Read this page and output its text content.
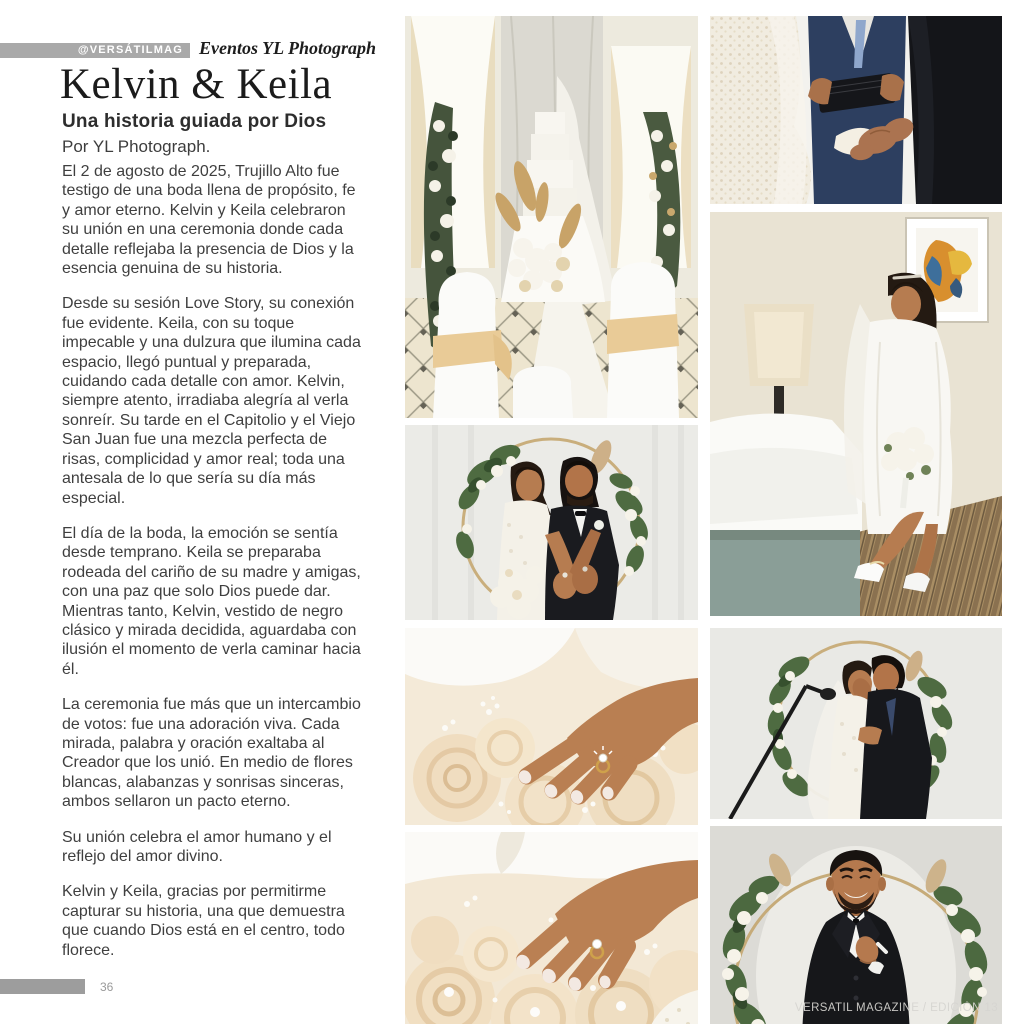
@VERSÁTILMAG Eventos YL Photograph
Kelvin & Keila
Una historia guiada por Dios
Por YL Photograph.

El 2 de agosto de 2025, Trujillo Alto fue testigo de una boda llena de propósito, fe y amor eterno. Kelvin y Keila celebraron su unión en una ceremonia donde cada detalle reflejaba la presencia de Dios y la esencia genuina de su historia.

Desde su sesión Love Story, su conexión fue evidente. Keila, con su toque impecable y una dulzura que ilumina cada espacio, llegó puntual y preparada, cuidando cada detalle con amor. Kelvin, siempre atento, irradiaba alegría al verla sonreír. Su tarde en el Capitolio y el Viejo San Juan fue una mezcla perfecta de risas, complicidad y amor real; toda una antesala de lo que sería su día más especial.

El día de la boda, la emoción se sentía desde temprano. Keila se preparaba rodeada del cariño de su madre y amigas, con una paz que solo Dios puede dar. Mientras tanto, Kelvin, vestido de negro clásico y mirada decidida, aguardaba con ilusión el momento de verla caminar hacia él.

La ceremonia fue más que un intercambio de votos: fue una adoración viva. Cada mirada, palabra y oración exaltaba al Creador que los unió. En medio de flores blancas, alabanzas y sonrisas sinceras, ambos sellaron un pacto eterno.

Su unión celebra el amor humano y el reflejo del amor divino.

Kelvin y Keila, gracias por permitirme capturar su historia, una que demuestra que cuando Dios está en el centro, todo florece.

VERSATIL MAGAZINE / EDICIÓN 13
36
